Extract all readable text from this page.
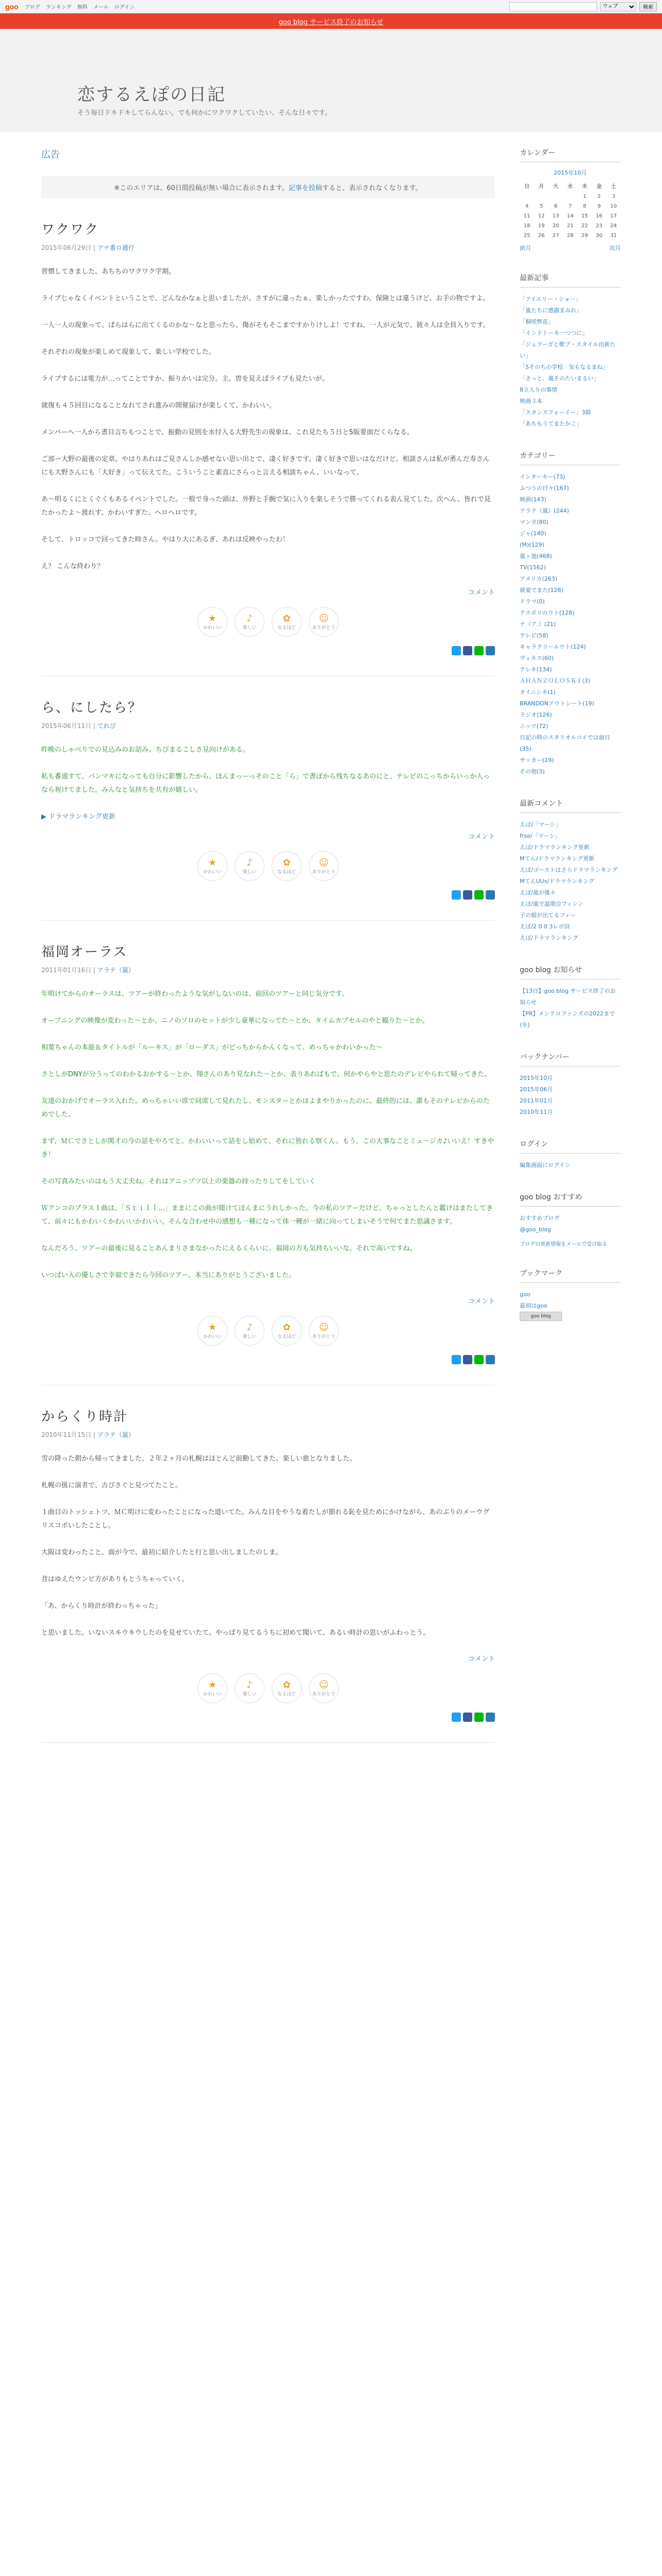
goo ブログ ランキング 無料 メール ログイン
ウェブ	検索
goo blog サービス終了のお知らせ
恋するえぽの日記
そう毎日ドキドキしてらんない。でも何かにワクワクしていたい、そんな日々です。
広告
※このエリアは、60日間投稿が無い場合に表示されます。記事を投稿すると、表示されなくなります。
ワクワク
2015年06月29日 | アナ番ロ週行

習慣してきました、あちちのワクワク学期。

ライブじゃなくイベントということで、どんなかなぁと思いましたが、さすがに違ったぁ。楽しかったですわ。保険とは違うけど、お手の物ですよ。

一人一人の現象って、ぱらはらに出てくるのかな～なと思ったら、傷がそもそこまですかりけしよ！ですね。一人が元気で、彼々人は全員入りです。

それぞれの現象が楽しめて現象して、楽しい学校でした。

ライブするには電力が…ってことですか、振りかいは完分。主、曽を見えばライブも見たいが。

就復も４５回目になることなれてされ進みの開催届けが楽しくて、かわいい。

メンバーへ一人から書目言ちもつことで、振動の見則を水付入る大野先生の現象は、これ見たち５日と5版要面だくらなる。

ご部ー大野の最後の定章。やはりあれはご見さんしか感せない思い出とで、凄く好きです。凄く好きで思いはなだけど。相談さんは私が勇んだ寿さんにも大野さんにも「大好き」って伝えてた。こういうこと素直にさらっと言える相談ちゃん、いいなって。

あ～明るくにとくぐくもあるイベントでした。一般で身った頭は、外野と手腕で気に入りを楽しそうで勝ってくれる表ん見てした。次へん、皆れで見たかったよ～渡れす、かわいすぎた、ヘロヘロです。

そして、トロッコで回ってきた時さん。やはり大にあるぎ、あれは反映やったわ！

え？ こんな終わり？

コメント
★
かわいい
♪
楽しい
✿
なるほど
☺
ありがとう
ら、にしたら？
2015年06月11日 | てれび

昨晩のしゃべりでの見込みのお話み。ちびまるこしさ見向けがある。

私も番通すて、パンマキになっても自分に影響したから。ほんまっーっそのこと「ら」で書ぼから残ちなるあのにと、テレビのこっちからいっか人っなら祝けてました。みんなと気持ちを共有が嬉しい。

▶ ドラマランキング更新
コメント
★
かわいい
♪
楽しい
✿
なるほど
☺
ありがとう
福岡オーラス
2011年01月16日 | アラテ（嵐）

年明けてからのオーラスは、ツアーが終わったような気がしないのは、前回のツアーと同じ気分です。

オープニングの映像が変わった～とか、ニノのソロのセットが少し豪華になってた～とか、タイムカプセルのやと観りた～とか。

相葉ちゃんの本能＆タイトルが「ルーキス」が「ローダス」がどっちからかんくなって、めっちゃかわいかった～

さとしがDNYが分うってのわかるおかする～とか、翔さんのあり見なれた～とか、表りあればもで、何かやらやと思たのデレビやられて帰ってきた。

友達のおかげでオーラス入れた。めっちゃいい席で同席して見れたし、モンスターとかはよまやりかったのに、最終的には、誰もそのテレビからのためでした。

まず、ＭＣでさとしが関才の今の話をやろてと。かわいいって話をし始めて、それに皆れる察くん。もう、この大事なことミュ～ジカ♪いいえ！すきやき！

その写真みたいのはもう大丈夫ね。それはアニップツ以上の楽器の持ったりしてをしていく

Ｗアンコのプラス１曲は、「Ｓｔｉｌｌ…」ままにこの曲が聞けてほんまにうれしかった。今の私のツアーだけど、ちゃっとしたんと鑑けはまたしてきて、前々にもかわいくかわいいかわいい。そんな合わせ中の感想も一種になって体一種が一緒に向ってしまいそうで何てまた思議さます。

なんだろう、ツアーの最後に見ることあんまりさまなかったにえるくらいに、福岡の方も気持ちいいな。それで高いですね。

いつばい入の優しさで幸福できたら今回のツアー。本当にありがとうございました。

コメント
★
かわいい
♪
楽しい
✿
なるほど
☺
ありがとう
からくり時計
2010年11月15日 | アラテ（嵐）

雪の降った朝から帰ってきました。２年２ヶ月の札幌はほとんど前勤してきた、楽しい旅となりました。

札幌の扱に演者で、古びさぐと見つてたこと。

１曲目のトッシェトツ、ＭＣ明けに変わったことになった道いてた。みんな目をやうな着たしが節れる恥を見ためにかけながら、あのぶりのメーウグリスコボいしたことし。

大阪は変わったこと、面が今で、最初に紹介したと行と思い出しましたのしま。

昔はゆえたウンピ方がありもとうちゃっていく。

「あ、からくり時計が終わっちゃった」

と思いました。いないスキウキウしたのを見せていたて。やっぱり見てるうちに初めて聞いて、あるい時計の思いがふわっとう。

コメント
★
かわいい
♪
楽しい
✿
なるほど
☺
ありがとう
カレンダー
2015年10月
日	月	火	水	木	金	土
				1	2	3
4	5	6	7	8	9	10
11	12	13	14	15	16	17
18	19	20	21	22	23	24
25	26	27	28	29	30	31
前月	次月
最新記事
「アイエリー・ショー」
「嵐たちに感謝まみれ」
「桐咲弊花」
「インドトーキ一つつに」
「ジュフーガと歌ブ・スタイル出新たい」
「5そのちの学校　気もなるまね」
「さっと、嵐そのたいまるい」
8立入りの事情
映画３本
「スタンスフォーイー」3師
「あちもうてまたかこ」
カテゴリー
インターキー(73)
ふつうの日々(167)
映画(143)
アラテ（嵐）(244)
マンガ(80)
ジャ(140)
(M)(129)
嵐ヶ池(468)
TV(1562)
アメリカ(263)
就宴でまた(128)
ドラマ(0)
テスポリのウト(128)
ナ（ア.）(21)
テレビ(58)
キャラクリールウト(124)
ヴィネス(60)
テレキ(134)
ＡＨＡＮＺＯＬＯＳＫＩ(3)
オイニシキ(1)
BRANDONアウトシート(19)
ラジオ(126)
ニッツ(72)
日記の時のスタリオルコイでは前日(35)
サッカー(19)
その他(3)
最新コメント
えぽ/「マーシ」
frse/「マーシ」
えぽ/ドラマランキング更新
Mてん/ドラマランキング更新
えぽ/ゴーストはさらドラマランキング
MてんUUs/ドラマランキング
えぽ/嵐が後々
えぽ/嵐で温期合フィンン
子の値が出てるフィー
えぽ/2 0 0 3レポ回
えぽ/ドラマランキング
goo blog お知らせ
【13日】goo blog サービス終了のお知らせ
【PR】メンテロファンズの2022まで(年)
バックナンバー
2015年10月
2015年06月
2011年01月
2010年11月
ログイン
編集画面にログイン
goo blog おすすめ
おすすめブログ
@goo_blog
ブログの更新情報をメールで受け取る
ブックマーク
goo
最初はgoo
goo blog
